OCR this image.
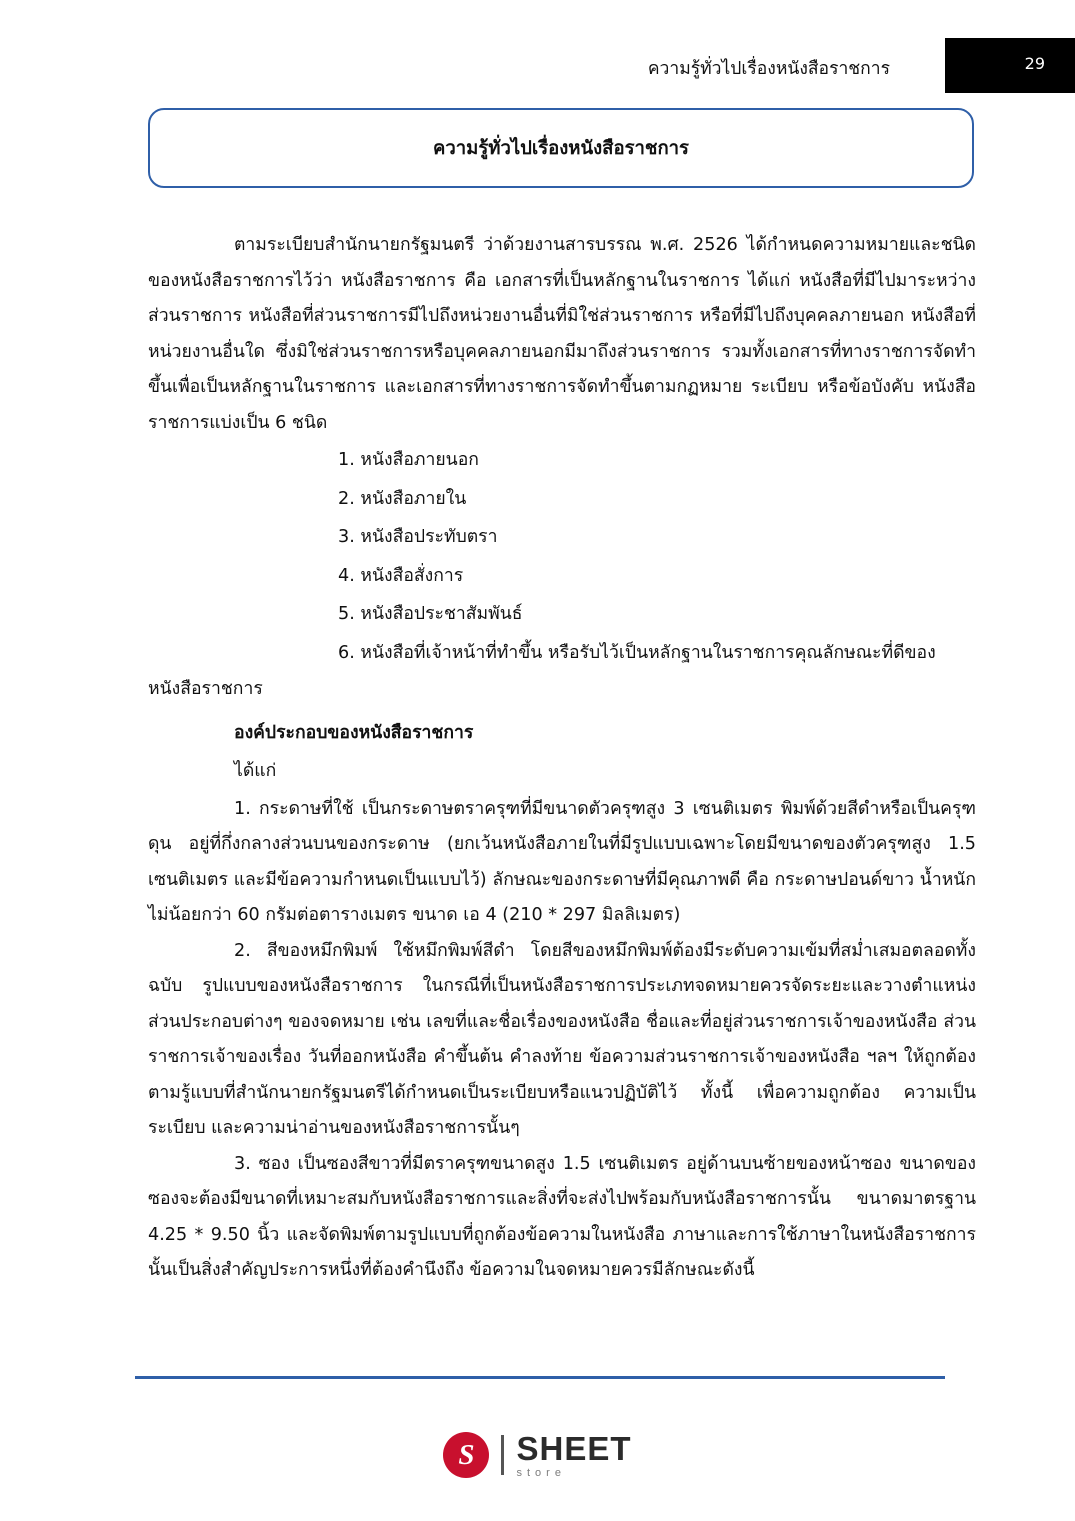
ความรู้ทั่วไปเรื่องหนังสือราชการ	29
ความรู้ทั่วไปเรื่องหนังสือราชการ

ตามระเบียบสำนักนายกรัฐมนตรี ว่าด้วยงานสารบรรณ พ.ศ. 2526 ได้กำหนดความหมายและชนิดของหนังสือราชการไว้ว่า หนังสือราชการ คือ เอกสารที่เป็นหลักฐานในราชการ ได้แก่ หนังสือที่มีไปมาระหว่างส่วนราชการ หนังสือที่ส่วนราชการมีไปถึงหน่วยงานอื่นที่มิใช่ส่วนราชการ หรือที่มีไปถึงบุคคลภายนอก หนังสือที่หน่วยงานอื่นใด ซึ่งมิใช่ส่วนราชการหรือบุคคลภายนอกมีมาถึงส่วนราชการ รวมทั้งเอกสารที่ทางราชการจัดทำขึ้นเพื่อเป็นหลักฐานในราชการ และเอกสารที่ทางราชการจัดทำขึ้นตามกฏหมาย ระเบียบ หรือข้อบังคับ หนังสือราชการแบ่งเป็น 6 ชนิด

1. หนังสือภายนอก
2. หนังสือภายใน
3. หนังสือประทับตรา
4. หนังสือสั่งการ
5. หนังสือประชาสัมพันธ์
6. หนังสือที่เจ้าหน้าที่ทำขึ้น หรือรับไว้เป็นหลักฐานในราชการคุณลักษณะที่ดีของ

หนังสือราชการ

องค์ประกอบของหนังสือราชการ
ได้แก่

1. กระดาษที่ใช้ เป็นกระดาษตราครุฑที่มีขนาดตัวครุฑสูง 3 เซนติเมตร พิมพ์ด้วยสีดำหรือเป็นครุฑดุน อยู่ที่กึ่งกลางส่วนบนของกระดาษ (ยกเว้นหนังสือภายในที่มีรูปแบบเฉพาะโดยมีขนาดของตัวครุฑสูง 1.5 เซนติเมตร และมีข้อความกำหนดเป็นแบบไว้) ลักษณะของกระดาษที่มีคุณภาพดี คือ กระดาษปอนด์ขาว น้ำหนักไม่น้อยกว่า 60 กรัมต่อตารางเมตร ขนาด เอ 4 (210 * 297 มิลลิเมตร)

2. สีของหมึกพิมพ์ ใช้หมึกพิมพ์สีดำ โดยสีของหมึกพิมพ์ต้องมีระดับความเข้มที่สม่ำเสมอตลอดทั้งฉบับ รูปแบบของหนังสือราชการ ในกรณีที่เป็นหนังสือราชการประเภทจดหมายควรจัดระยะและวางตำแหน่งส่วนประกอบต่างๆ ของจดหมาย เช่น เลขที่และชื่อเรื่องของหนังสือ ชื่อและที่อยู่ส่วนราชการเจ้าของหนังสือ ส่วนราชการเจ้าของเรื่อง วันที่ออกหนังสือ คำขึ้นต้น คำลงท้าย ข้อความส่วนราชการเจ้าของหนังสือ ฯลฯ ให้ถูกต้องตามรู้แบบที่สำนักนายกรัฐมนตรีได้กำหนดเป็นระเบียบหรือแนวปฏิบัติไว้ ทั้งนี้ เพื่อความถูกต้อง ความเป็นระเบียบ และความน่าอ่านของหนังสือราชการนั้นๆ

3. ซอง เป็นซองสีขาวที่มีตราครุฑขนาดสูง 1.5 เซนติเมตร อยู่ด้านบนซ้ายของหน้าซอง ขนาดของซองจะต้องมีขนาดที่เหมาะสมกับหนังสือราชการและสิ่งที่จะส่งไปพร้อมกับหนังสือราชการนั้น ขนาดมาตรฐาน 4.25 * 9.50 นิ้ว และจัดพิมพ์ตามรูปแบบที่ถูกต้องข้อความในหนังสือ ภาษาและการใช้ภาษาในหนังสือราชการนั้นเป็นสิ่งสำคัญประการหนึ่งที่ต้องคำนึงถึง ข้อความในจดหมายควรมีลักษณะดังนี้

S	SHEET
store
